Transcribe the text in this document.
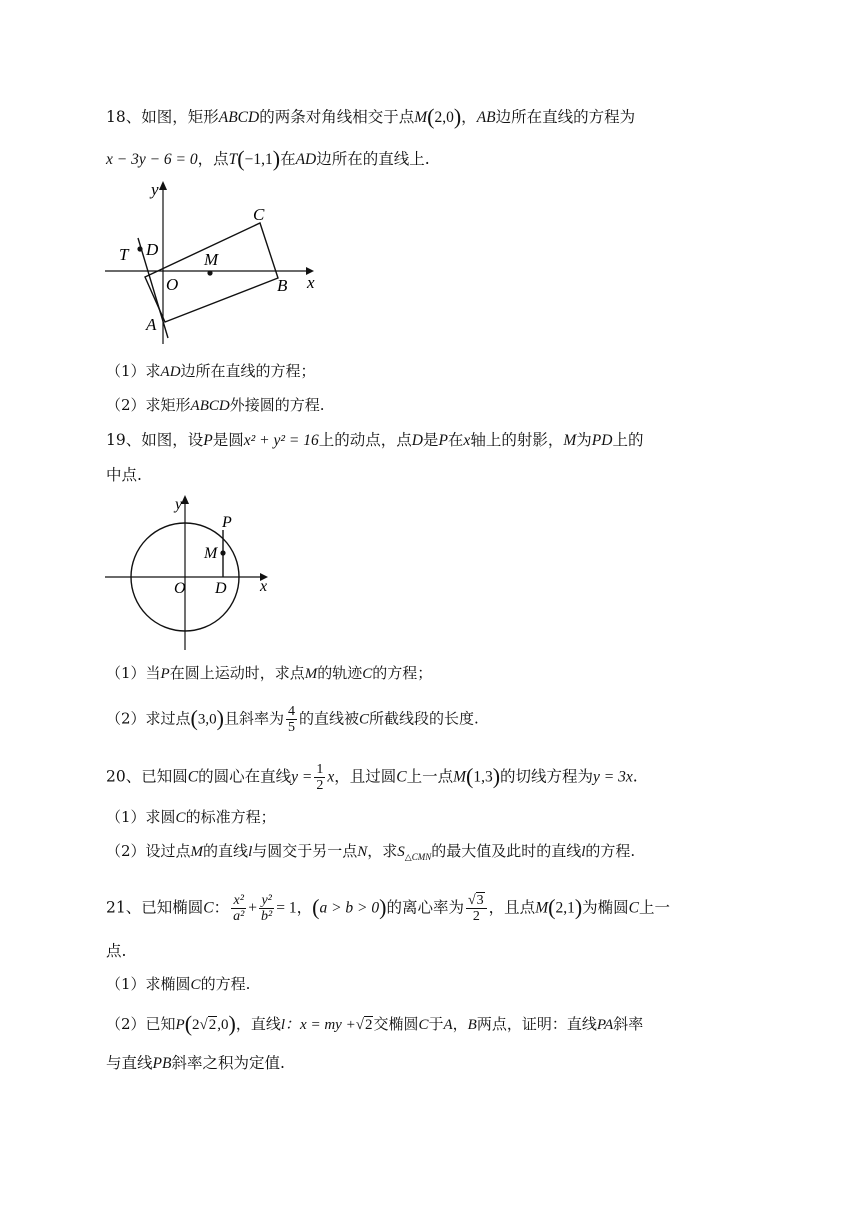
18、如图，矩形ABCD的两条对角线相交于点M(2,0)，AB边所在直线的方程为
x − 3y − 6 = 0，点T(−1,1)在AD边所在的直线上.
y
x
T D
O
M
C
B
A
（1）求AD边所在直线的方程；
（2）求矩形ABCD外接圆的方程.
19、如图，设P是圆x² + y² = 16上的动点，点D是P在x轴上的射影，M为PD上的
中点.
y
x
P
M
O D
（1）当P在圆上运动时，求点M的轨迹C的方程；
（2）求过点(3,0)且斜率为 $\frac{4}{5}$ 的直线被C所截线段的长度.
20、已知圆C的圆心在直线$y = \frac{1}{2}$ x，且过圆C上一点M(1,3)的切线方程为y = 3x.
（1）求圆C的标准方程；
（2）设过点M的直线l与圆交于另一点N，求$S_{\triangle CMN}$的最大值及此时的直线l的方程.
21、已知椭圆C： $\frac{\text{x²}}{\text{a²}} + \frac{\text{y²}}{\text{b²}} = 1$，(a > b > 0)的离心率为 $\frac{√3}{2}$ ，且点M(2,1)为椭圆C上一
点.
（1）求椭圆C的方程.
（2）已知P(2√2,0)，直线l：x = my +√2交椭圆C于A，B两点，证明：直线PA斜率
与直线PB斜率之积为定值.
